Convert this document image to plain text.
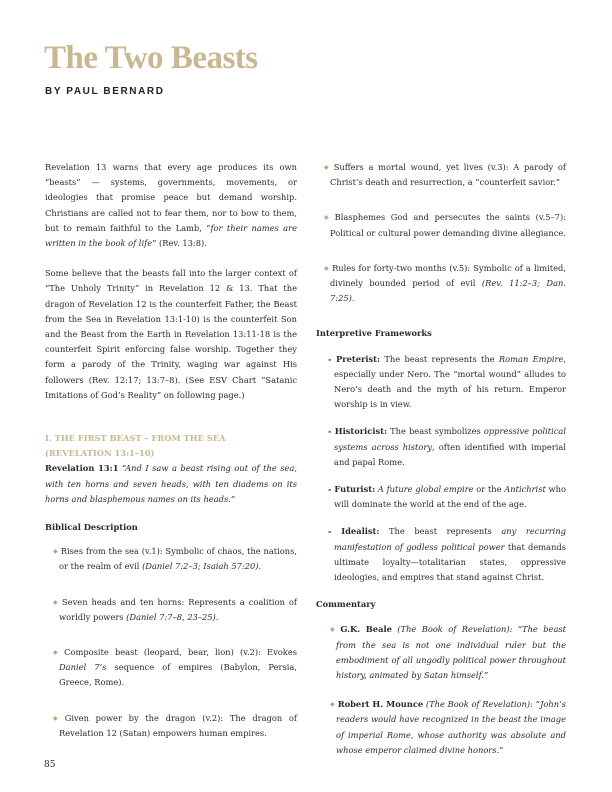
The Two Beasts
BY PAUL BERNARD

Revelation 13 warns that every age produces its own “beasts” — systems, governments, movements, or ideologies that promise peace but demand worship. Christians are called not to fear them, nor to bow to them, but to remain faithful to the Lamb, “for their names are written in the book of life” (Rev. 13:8).

Some believe that the beasts fall into the larger context of “The Unholy Trinity” in Revelation 12 & 13. That the dragon of Revelation 12 is the counterfeit Father, the Beast from the Sea in Revelation 13:1-10) is the counterfeit Son and the Beast from the Earth in Revelation 13:11-18 is the counterfeit Spirit enforcing false worship. Together they form a parody of the Trinity, waging war against His followers (Rev. 12:17; 13:7–8). (See ESV Chart “Satanic Imitations of God’s Reality” on following page.)

I. THE FIRST BEAST – FROM THE SEA
(REVELATION 13:1–10)

Revelation 13:1 “And I saw a beast rising out of the sea, with ten horns and seven heads, with ten diadems on its horns and blasphemous names on its heads.”

Biblical Description

◆ Rises from the sea (v.1): Symbolic of chaos, the nations, or the realm of evil (Daniel 7:2–3; Isaiah 57:20).

◆ Seven heads and ten horns: Represents a coalition of worldly powers (Daniel 7:7–8, 23–25).

◆ Composite beast (leopard, bear, lion) (v.2): Evokes Daniel 7’s sequence of empires (Babylon, Persia, Greece, Rome).

◆ Given power by the dragon (v.2): The dragon of Revelation 12 (Satan) empowers human empires.

◆ Suffers a mortal wound, yet lives (v.3): A parody of Christ’s death and resurrection, a “counterfeit savior.”

◆ Blasphemes God and persecutes the saints (v.5–7): Political or cultural power demanding divine allegiance.

◆ Rules for forty-two months (v.5): Symbolic of a limited, divinely bounded period of evil (Rev. 11:2–3; Dan. 7:25).

Interpretive Frameworks

- Preterist: The beast represents the Roman Empire, especially under Nero. The “mortal wound” alludes to Nero’s death and the myth of his return. Emperor worship is in view.

- Historicist: The beast symbolizes oppressive political systems across history, often identified with imperial and papal Rome.

- Futurist: A future global empire or the Antichrist who will dominate the world at the end of the age.

- Idealist: The beast represents any recurring manifestation of godless political power that demands ultimate loyalty—totalitarian states, oppressive ideologies, and empires that stand against Christ.

Commentary

◆ G.K. Beale (The Book of Revelation): “The beast from the sea is not one individual ruler but the embodiment of all ungodly political power throughout history, animated by Satan himself.”

◆ Robert H. Mounce (The Book of Revelation): “John’s readers would have recognized in the beast the image of imperial Rome, whose authority was absolute and whose emperor claimed divine honors.”

85
